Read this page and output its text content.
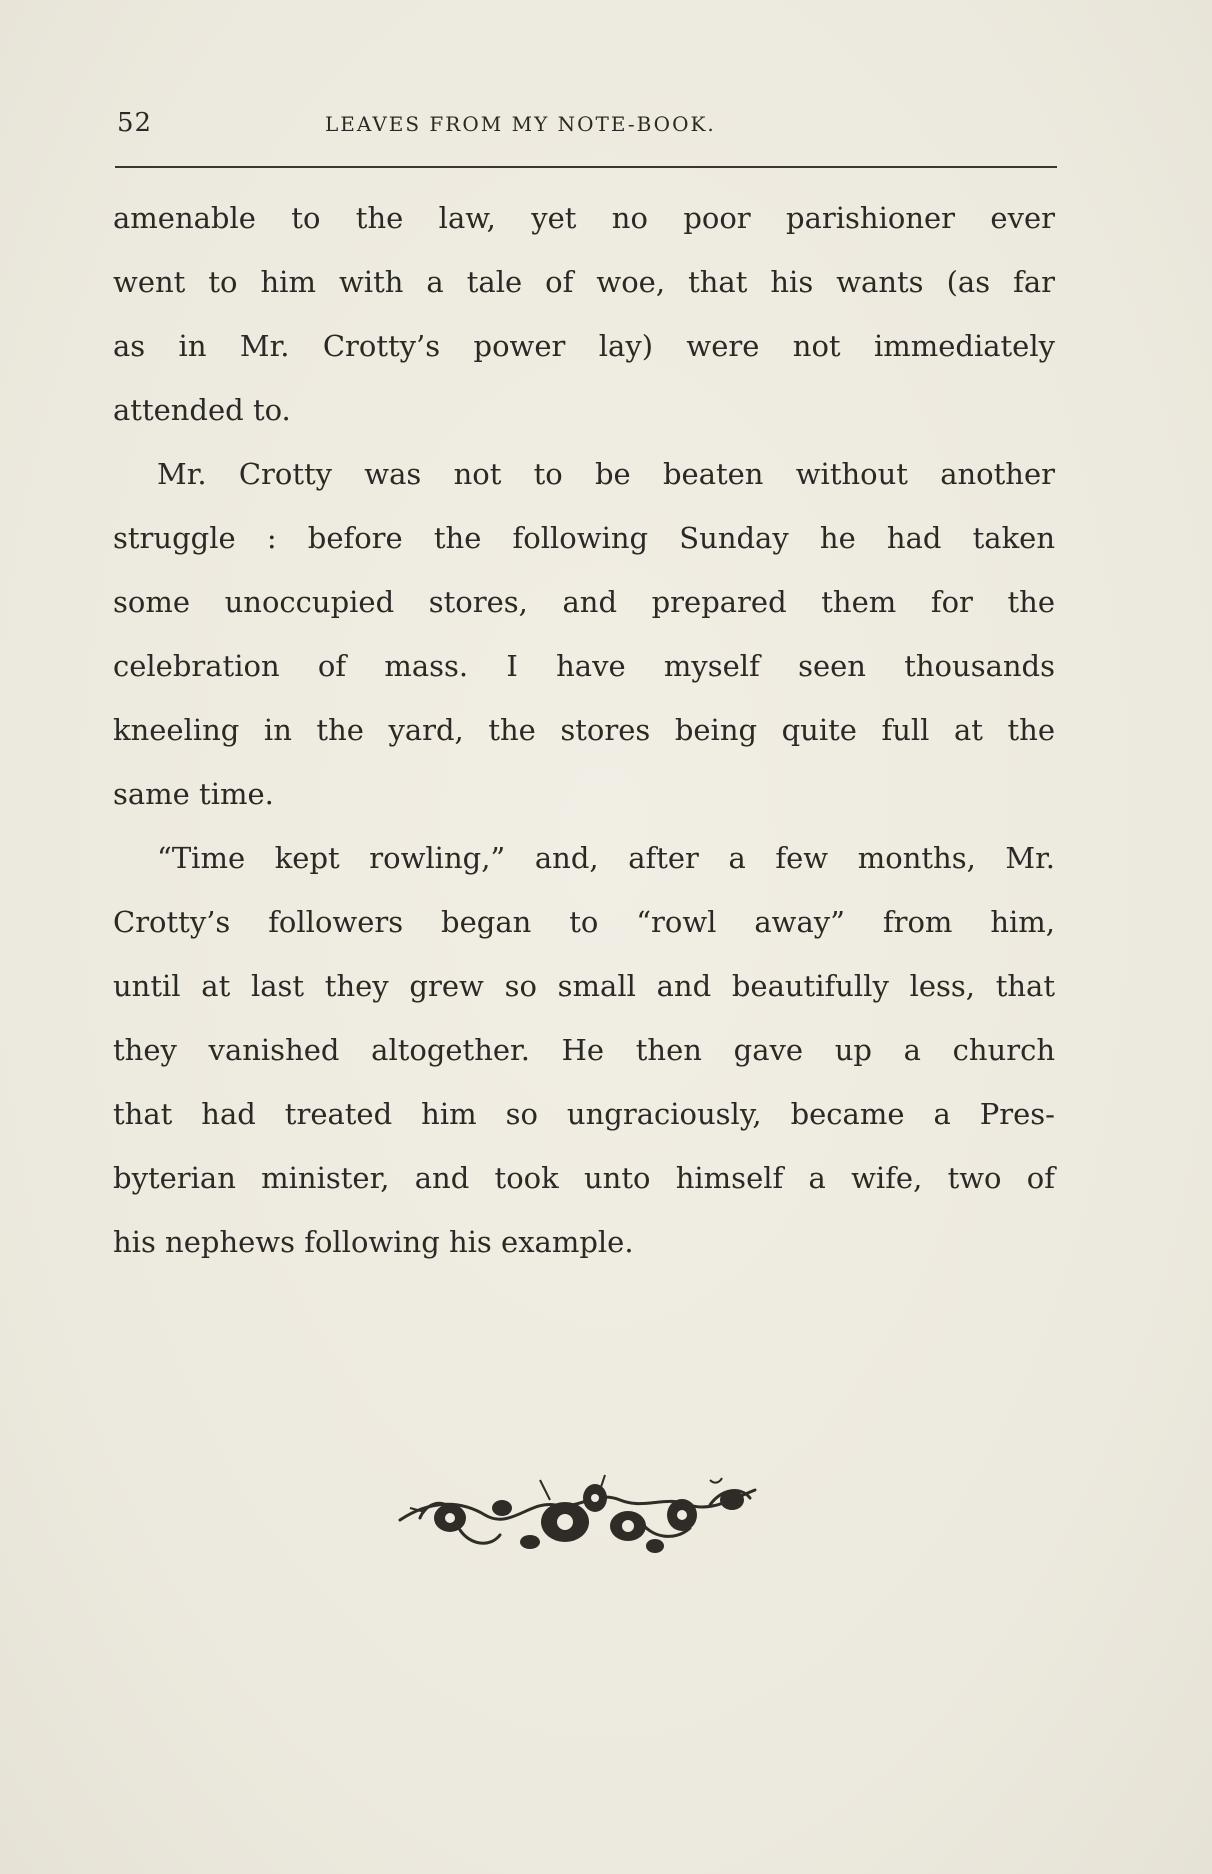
52	LEAVES FROM MY NOTE-BOOK.
amenable to the law, yet no poor parishioner ever
went to him with a tale of woe, that his wants (as far
as in Mr. Crotty’s power lay) were not immediately
attended to.
Mr. Crotty was not to be beaten without another
struggle : before the following Sunday he had taken
some unoccupied stores, and prepared them for the
celebration of mass. I have myself seen thousands
kneeling in the yard, the stores being quite full at the
same time.
“Time kept rowling,” and, after a few months, Mr.
Crotty’s followers began to “rowl away” from him,
until at last they grew so small and beautifully less, that
they vanished altogether. He then gave up a church
that had treated him so ungraciously, became a Pres-
byterian minister, and took unto himself a wife, two of
his nephews following his example.
